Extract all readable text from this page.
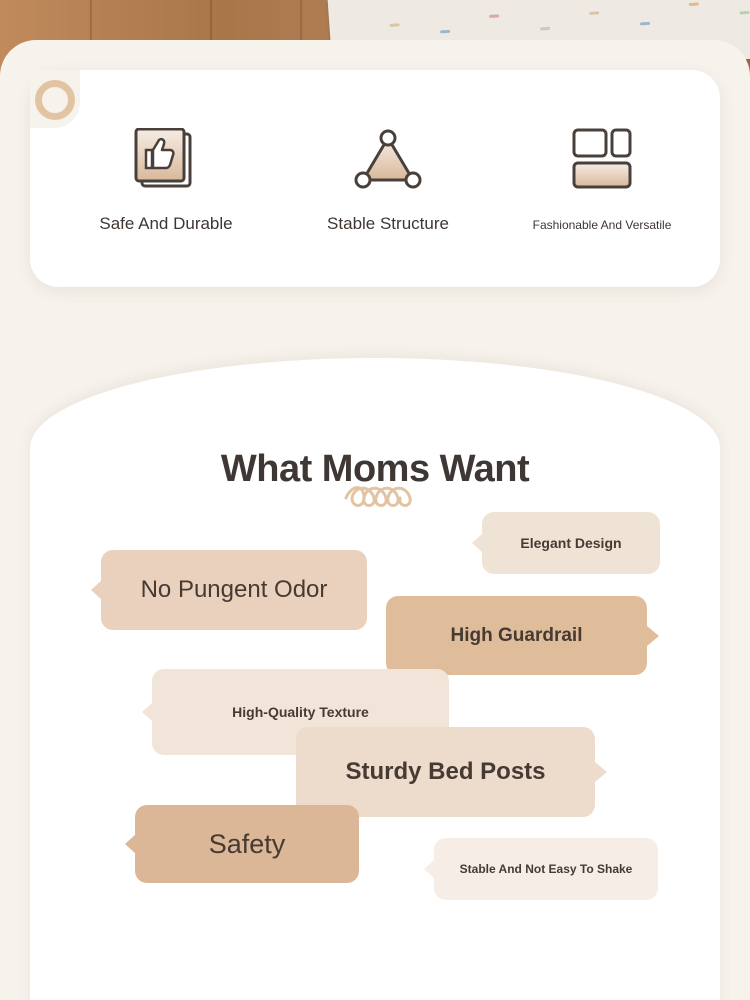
Safe And Durable	Stable Structure	Fashionable And Versatile
What Moms Want
Elegant Design
No Pungent Odor
High Guardrail
High-Quality Texture
Sturdy Bed Posts
Safety
Stable And Not Easy To Shake
